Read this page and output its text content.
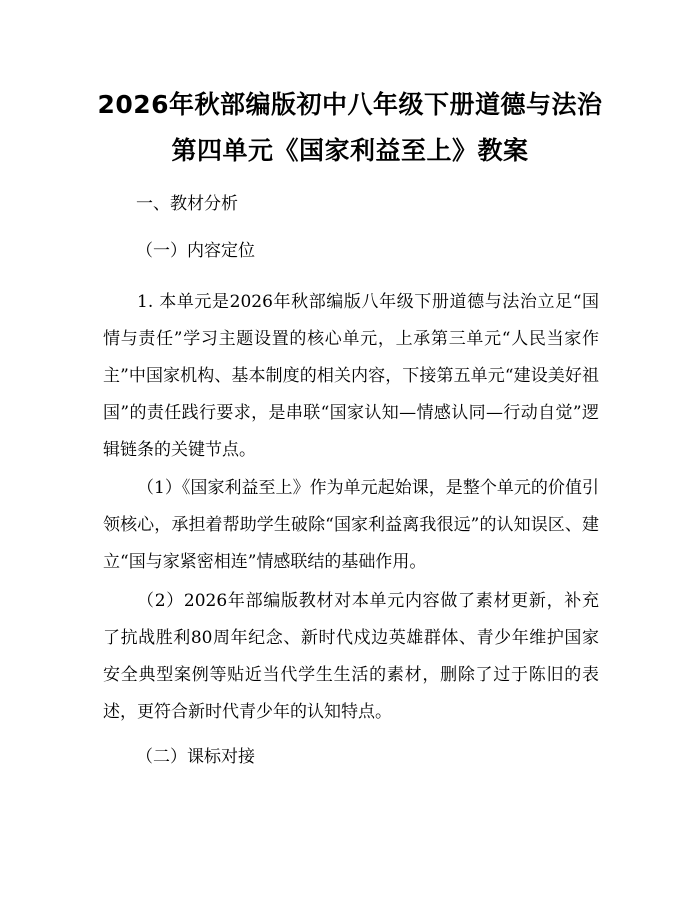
2026年秋部编版初中八年级下册道德与法治
第四单元《国家利益至上》教案
一、教材分析
（一）内容定位

1. 本单元是2026年秋部编版八年级下册道德与法治立足“国情与责任”学习主题设置的核心单元，上承第三单元“人民当家作主”中国家机构、基本制度的相关内容，下接第五单元“建设美好祖国”的责任践行要求，是串联“国家认知—情感认同—行动自觉”逻辑链条的关键节点。

（1）《国家利益至上》作为单元起始课，是整个单元的价值引领核心，承担着帮助学生破除“国家利益离我很远”的认知误区、建立“国与家紧密相连”情感联结的基础作用。

（2）2026年部编版教材对本单元内容做了素材更新，补充了抗战胜利80周年纪念、新时代戍边英雄群体、青少年维护国家安全典型案例等贴近当代学生生活的素材，删除了过于陈旧的表述，更符合新时代青少年的认知特点。

（二）课标对接
